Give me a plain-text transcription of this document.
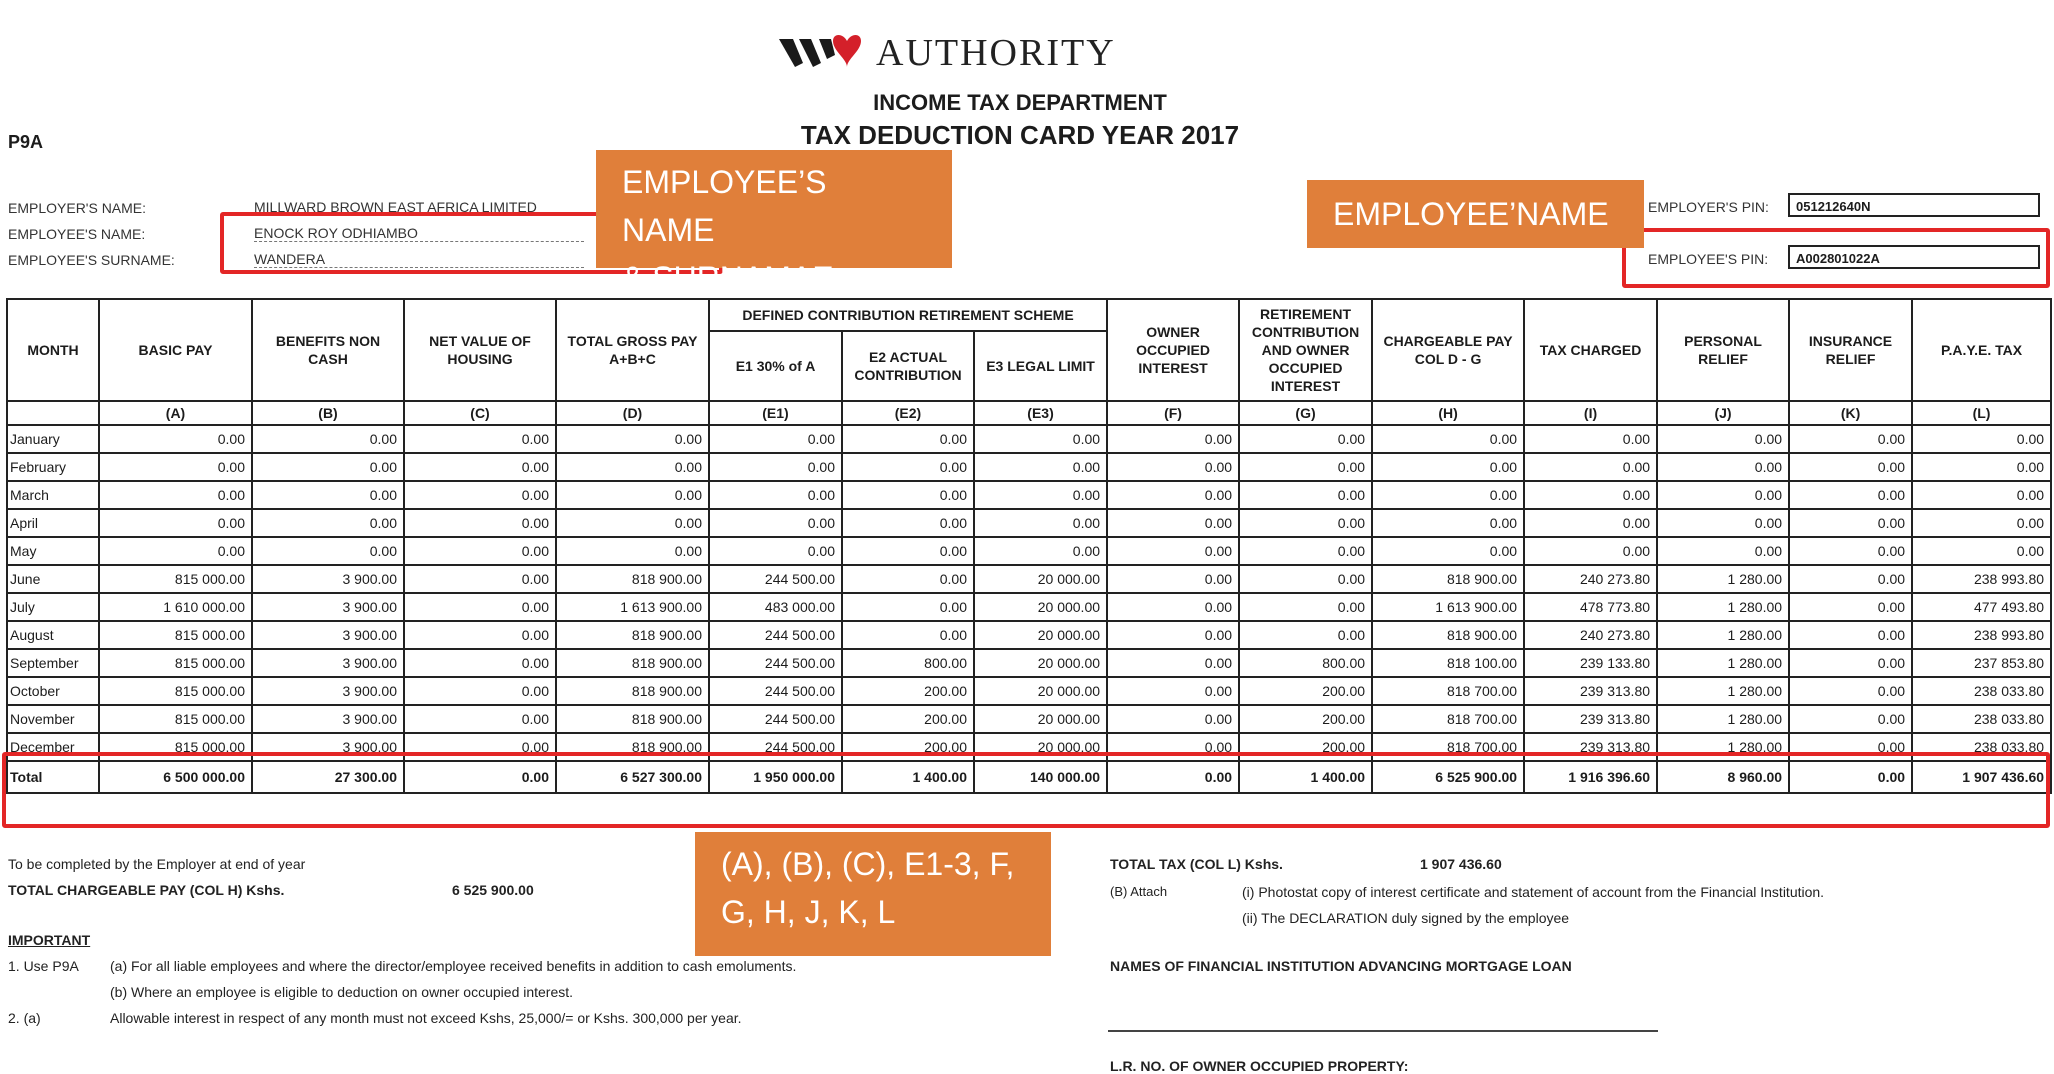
AUTHORITY
INCOME TAX DEPARTMENT
TAX DEDUCTION CARD YEAR 2017
P9A
EMPLOYER'S NAME:
EMPLOYEE'S NAME:
EMPLOYEE'S SURNAME:
MILLWARD BROWN EAST AFRICA LIMITED
ENOCK ROY ODHIAMBO
WANDERA
EMPLOYER'S PIN:	051212640N
EMPLOYEE'S PIN:	A002801022A
MONTH	BASIC PAY	BENEFITS NON CASH	NET VALUE OF HOUSING	TOTAL GROSS PAY A+B+C	DEFINED CONTRIBUTION RETIREMENT SCHEME			OWNER OCCUPIED INTEREST	RETIREMENT CONTRIBUTION AND OWNER OCCUPIED INTEREST	CHARGEABLE PAY COL D - G	TAX CHARGED	PERSONAL RELIEF	INSURANCE RELIEF	P.A.Y.E. TAX
					E1 30% of A	E2 ACTUAL CONTRIBUTION	E3 LEGAL LIMIT							
	(A)	(B)	(C)	(D)	(E1)	(E2)	(E3)	(F)	(G)	(H)	(I)	(J)	(K)	(L)
January	0.00	0.00	0.00	0.00	0.00	0.00	0.00	0.00	0.00	0.00	0.00	0.00	0.00	0.00
February	0.00	0.00	0.00	0.00	0.00	0.00	0.00	0.00	0.00	0.00	0.00	0.00	0.00	0.00
March	0.00	0.00	0.00	0.00	0.00	0.00	0.00	0.00	0.00	0.00	0.00	0.00	0.00	0.00
April	0.00	0.00	0.00	0.00	0.00	0.00	0.00	0.00	0.00	0.00	0.00	0.00	0.00	0.00
May	0.00	0.00	0.00	0.00	0.00	0.00	0.00	0.00	0.00	0.00	0.00	0.00	0.00	0.00
June	815 000.00	3 900.00	0.00	818 900.00	244 500.00	0.00	20 000.00	0.00	0.00	818 900.00	240 273.80	1 280.00	0.00	238 993.80
July	1 610 000.00	3 900.00	0.00	1 613 900.00	483 000.00	0.00	20 000.00	0.00	0.00	1 613 900.00	478 773.80	1 280.00	0.00	477 493.80
August	815 000.00	3 900.00	0.00	818 900.00	244 500.00	0.00	20 000.00	0.00	0.00	818 900.00	240 273.80	1 280.00	0.00	238 993.80
September	815 000.00	3 900.00	0.00	818 900.00	244 500.00	800.00	20 000.00	0.00	800.00	818 100.00	239 133.80	1 280.00	0.00	237 853.80
October	815 000.00	3 900.00	0.00	818 900.00	244 500.00	200.00	20 000.00	0.00	200.00	818 700.00	239 313.80	1 280.00	0.00	238 033.80
November	815 000.00	3 900.00	0.00	818 900.00	244 500.00	200.00	20 000.00	0.00	200.00	818 700.00	239 313.80	1 280.00	0.00	238 033.80
December	815 000.00	3 900.00	0.00	818 900.00	244 500.00	200.00	20 000.00	0.00	200.00	818 700.00	239 313.80	1 280.00	0.00	238 033.80
Total	6 500 000.00	27 300.00	0.00	6 527 300.00	1 950 000.00	1 400.00	140 000.00	0.00	1 400.00	6 525 900.00	1 916 396.60	8 960.00	0.00	1 907 436.60
EMPLOYEE’S NAME
& SURNAMAE
EMPLOYEE’NAME
(A), (B), (C), E1-3, F,
G, H, J, K, L
To be completed by the Employer at end of year
TOTAL CHARGEABLE PAY (COL H) Kshs.	6 525 900.00
IMPORTANT
1. Use P9A (a) For all liable employees and where the director/employee received benefits in addition to cash emoluments.
(b) Where an employee is eligible to deduction on owner occupied interest.
2. (a)	Allowable interest in respect of any month must not exceed Kshs, 25,000/= or Kshs. 300,000 per year.
TOTAL TAX (COL L) Kshs.	1 907 436.60
(B) Attach	(i) Photostat copy of interest certificate and statement of account from the Financial Institution.
(ii) The DECLARATION duly signed by the employee
NAMES OF FINANCIAL INSTITUTION ADVANCING MORTGAGE LOAN
L.R. NO. OF OWNER OCCUPIED PROPERTY:
